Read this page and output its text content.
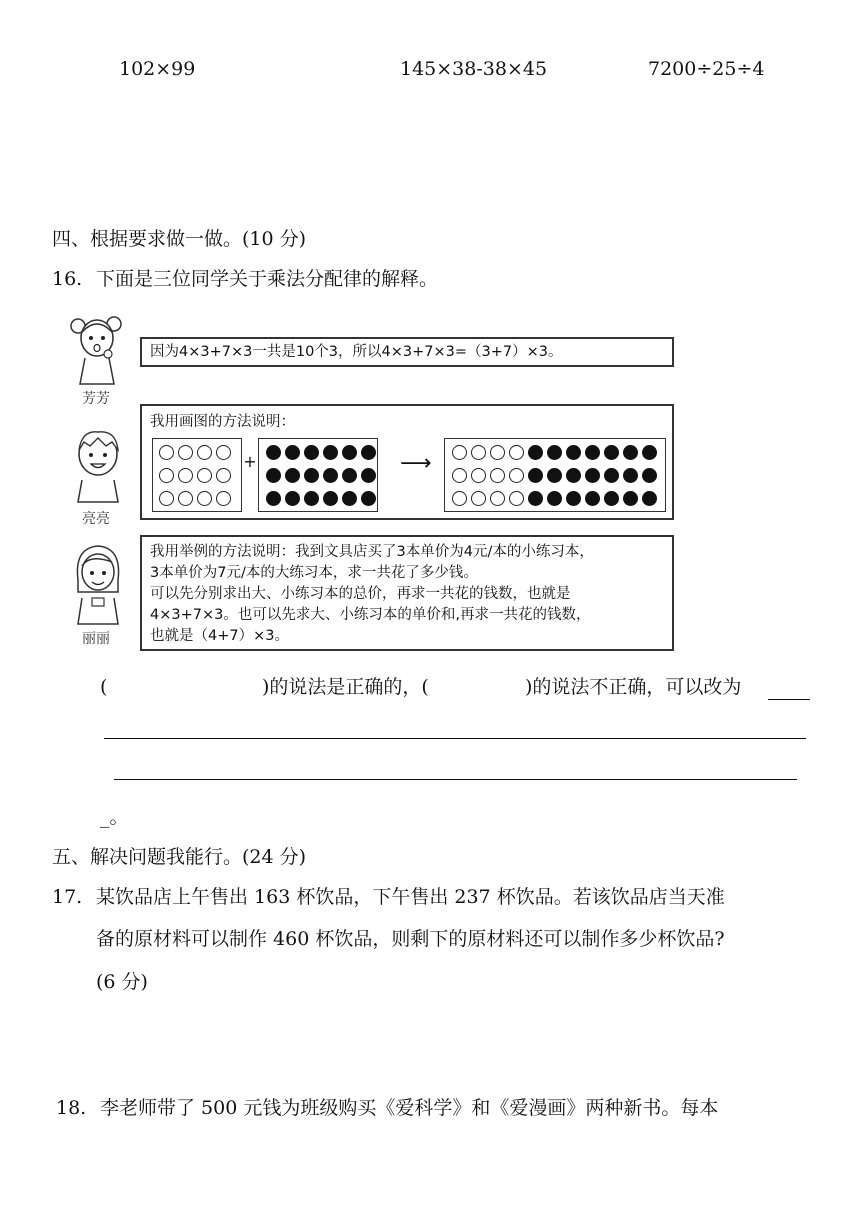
102×99	145×38-38×45	7200÷25÷4
四、根据要求做一做。(10 分)
16. 下面是三位同学关于乘法分配律的解释。
芳芳
因为4×3+7×3一共是10个3，所以4×3+7×3=（3+7）×3。
亮亮
我用画图的方法说明：
+	⟶
丽丽
我用举例的方法说明：我到文具店买了3本单价为4元/本的小练习本，
3本单价为7元/本的大练习本，求一共花了多少钱。
可以先分别求出大、小练习本的总价，再求一共花的钱数，也就是
4×3+7×3。也可以先求大、小练习本的单价和,再求一共花的钱数，
也就是（4+7）×3。
(	)的说法是正确的，(	)的说法不正确，可以改为
_。
五、解决问题我能行。(24 分)
17. 某饮品店上午售出 163 杯饮品，下午售出 237 杯饮品。若该饮品店当天准
备的原材料可以制作 460 杯饮品，则剩下的原材料还可以制作多少杯饮品?
(6 分)
18. 李老师带了 500 元钱为班级购买《爱科学》和《爱漫画》两种新书。每本
